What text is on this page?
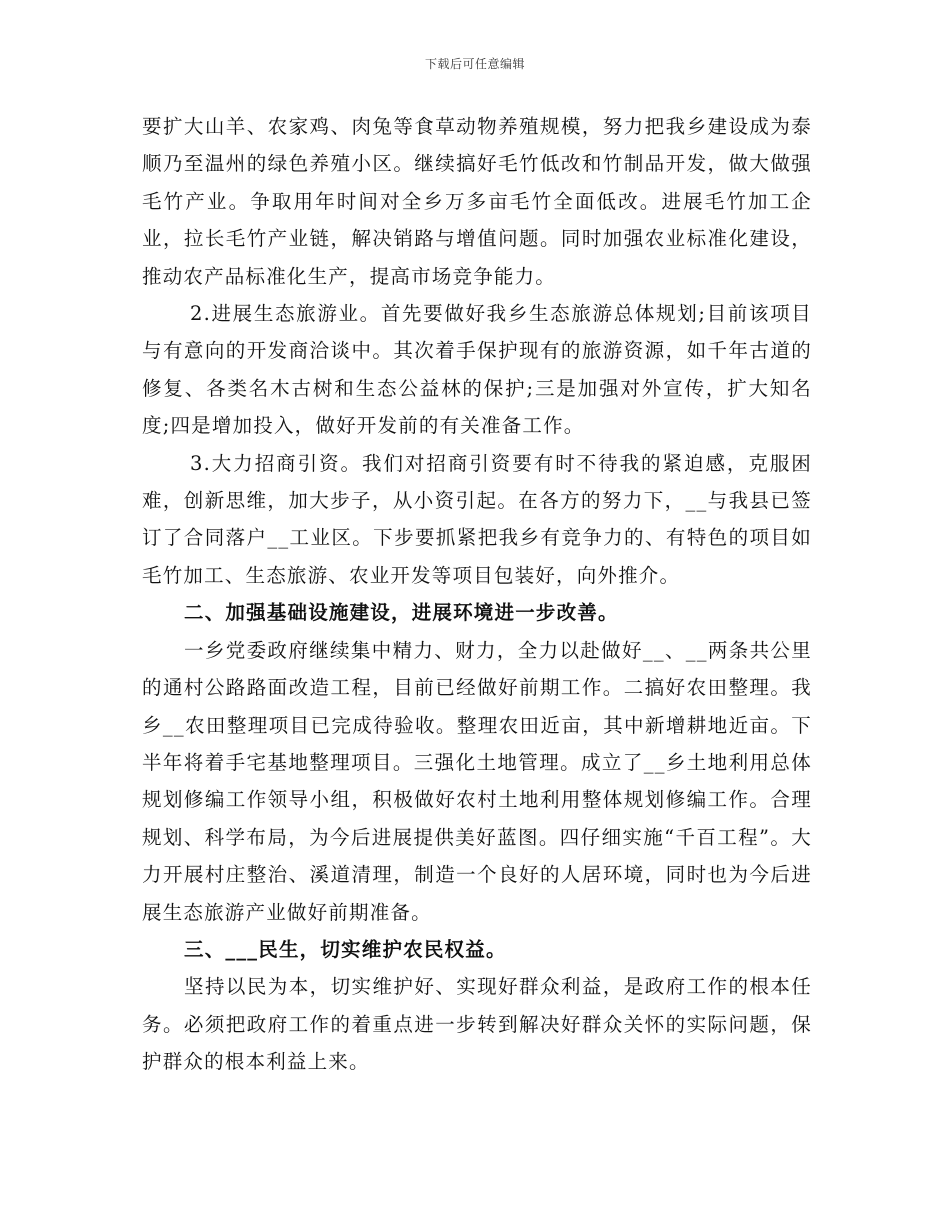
下载后可任意编辑

要扩大山羊、农家鸡、肉兔等食草动物养殖规模，努力把我乡建设成为泰顺乃至温州的绿色养殖小区。继续搞好毛竹低改和竹制品开发，做大做强毛竹产业。争取用年时间对全乡万多亩毛竹全面低改。进展毛竹加工企业，拉长毛竹产业链，解决销路与增值问题。同时加强农业标准化建设，推动农产品标准化生产，提高市场竞争能力。

2.进展生态旅游业。首先要做好我乡生态旅游总体规划;目前该项目与有意向的开发商洽谈中。其次着手保护现有的旅游资源，如千年古道的修复、各类名木古树和生态公益林的保护;三是加强对外宣传，扩大知名度;四是增加投入，做好开发前的有关准备工作。

3.大力招商引资。我们对招商引资要有时不待我的紧迫感，克服困难，创新思维，加大步子，从小资引起。在各方的努力下，__与我县已签订了合同落户__工业区。下步要抓紧把我乡有竞争力的、有特色的项目如毛竹加工、生态旅游、农业开发等项目包装好，向外推介。

二、加强基础设施建设，进展环境进一步改善。

一乡党委政府继续集中精力、财力，全力以赴做好__、__两条共公里的通村公路路面改造工程，目前已经做好前期工作。二搞好农田整理。我乡__农田整理项目已完成待验收。整理农田近亩，其中新增耕地近亩。下半年将着手宅基地整理项目。三强化土地管理。成立了__乡土地利用总体规划修编工作领导小组，积极做好农村土地利用整体规划修编工作。合理规划、科学布局，为今后进展提供美好蓝图。四仔细实施“千百工程”。大力开展村庄整治、溪道清理，制造一个良好的人居环境，同时也为今后进展生态旅游产业做好前期准备。

三、___民生，切实维护农民权益。

坚持以民为本，切实维护好、实现好群众利益，是政府工作的根本任务。必须把政府工作的着重点进一步转到解决好群众关怀的实际问题，保护群众的根本利益上来。
